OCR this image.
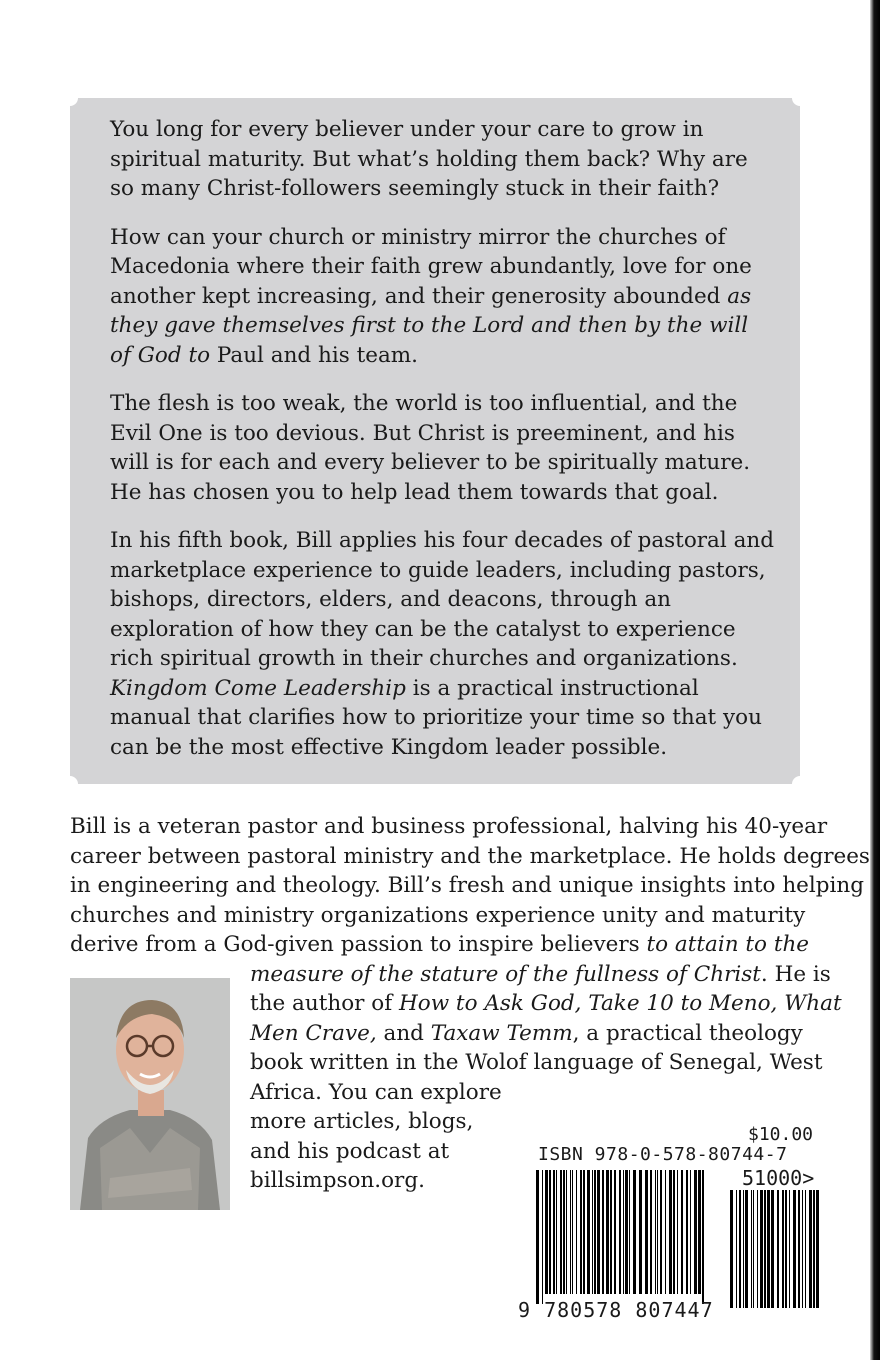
You long for every believer under your care to grow in spiritual maturity. But what’s holding them back? Why are so many Christ-followers seemingly stuck in their faith?

How can your church or ministry mirror the churches of Macedonia where their faith grew abundantly, love for one another kept increasing, and their generosity abounded as they gave themselves first to the Lord and then by the will of God to Paul and his team.

The flesh is too weak, the world is too influential, and the Evil One is too devious. But Christ is preeminent, and his will is for each and every believer to be spiritually mature. He has chosen you to help lead them towards that goal.

In his fifth book, Bill applies his four decades of pastoral and marketplace experience to guide leaders, including pastors, bishops, directors, elders, and deacons, through an exploration of how they can be the catalyst to experience rich spiritual growth in their churches and organizations. Kingdom Come Leadership is a practical instructional manual that clarifies how to prioritize your time so that you can be the most effective Kingdom leader possible.

Bill is a veteran pastor and business professional, halving his 40-year
career between pastoral ministry and the marketplace. He holds degrees
in engineering and theology. Bill’s fresh and unique insights into helping
churches and ministry organizations experience unity and maturity
derive from a God-given passion to inspire believers to attain to the
measure of the stature of the fullness of Christ. He is
the author of How to Ask God, Take 10 to Meno, What
Men Crave, and Taxaw Temm, a practical theology
book written in the Wolof language of Senegal, West
Africa. You can explore
more articles, blogs,
and his podcast at
billsimpson.org.
$10.00
ISBN 978-0-578-80744-7
51000>
9 780578 807447
